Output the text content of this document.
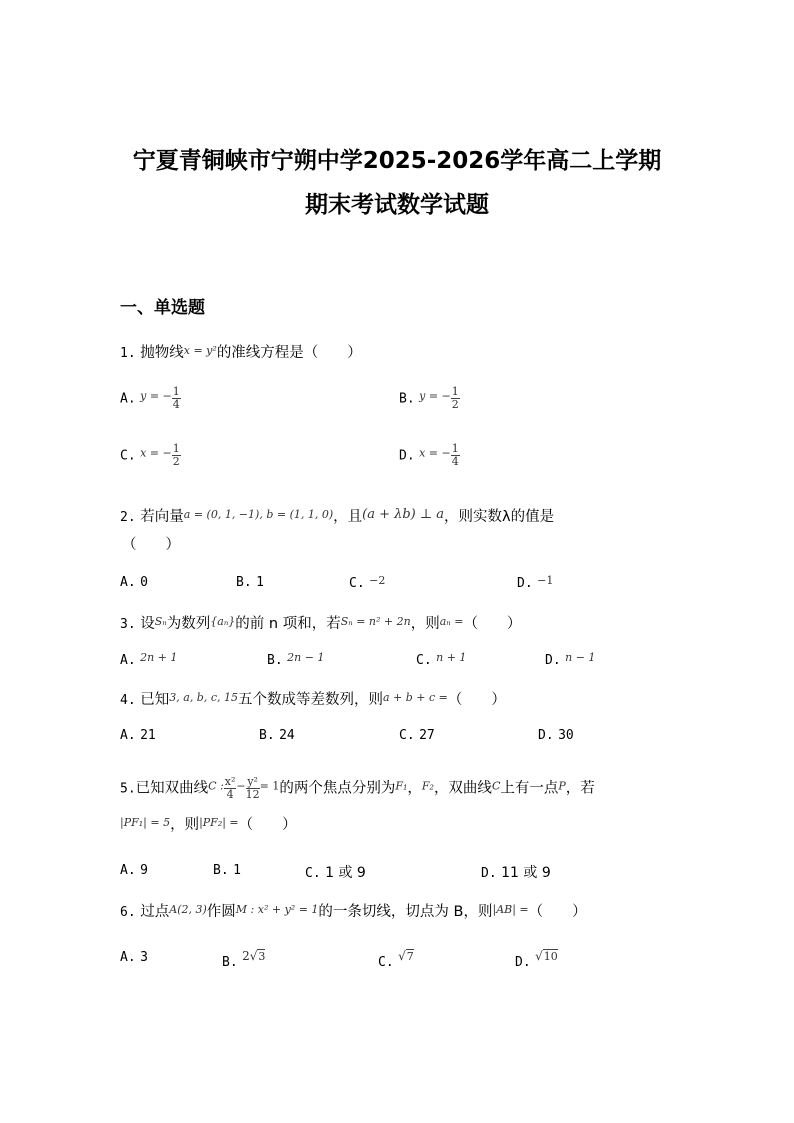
宁夏青铜峡市宁朔中学2025-2026学年高二上学期
期末考试数学试题
一、单选题
1. 抛物线$^{x = y^2}$的准线方程是（　　）
A. $^{y = -} \frac{1}{4}$	B. $^{y = -} \frac{1}{2}$
C. $^{x = -} \frac{1}{2}$	D. $^{x = -} \frac{1}{4}$
2. 若向量$^{a = (0, 1, -1), b = (1, 1, 0)}$，且(a + λb) ⊥ a，则实数λ的值是
（　　）
A. 0	B. 1	C. $^{-2}$	D. $^{-1}$
3. 设$^{S_n}$为数列$^{\{a_n\}}$的前 n 项和，若$^{S_n = n^2 + 2n}$，则$^{a_n =}$（　　）
A. $^{2n + 1}$	B. $^{2n - 1}$	C. $^{n + 1}$	D. $^{n - 1}$
4. 已知$^{3, a, b, c, 15}$五个数成等差数列，则$^{a + b + c =}$（　　）
A. 21	B. 24	C. 27	D. 30
5.已知双曲线$^{C :} \frac{\text{x²}}{4} ^- \frac{\text{y²}}{12} ^{= 1}$的两个焦点分别为$^{F_1}$，$^{F_2}$，双曲线$^C$上有一点$^P$，若
$^{|PF_1| = 5}$，则$^{|PF_2| =}$（　　）
A. 9	B. 1	C. 1 或 9	D. 11 或 9
6. 过点$^{A(2, 3)}$作圆$^{M : x^2 + y^2 = 1}$的一条切线，切点为 B，则$^{|AB| =}$（　　）
A. 3	B. 2√3	C. √7	D. √10
